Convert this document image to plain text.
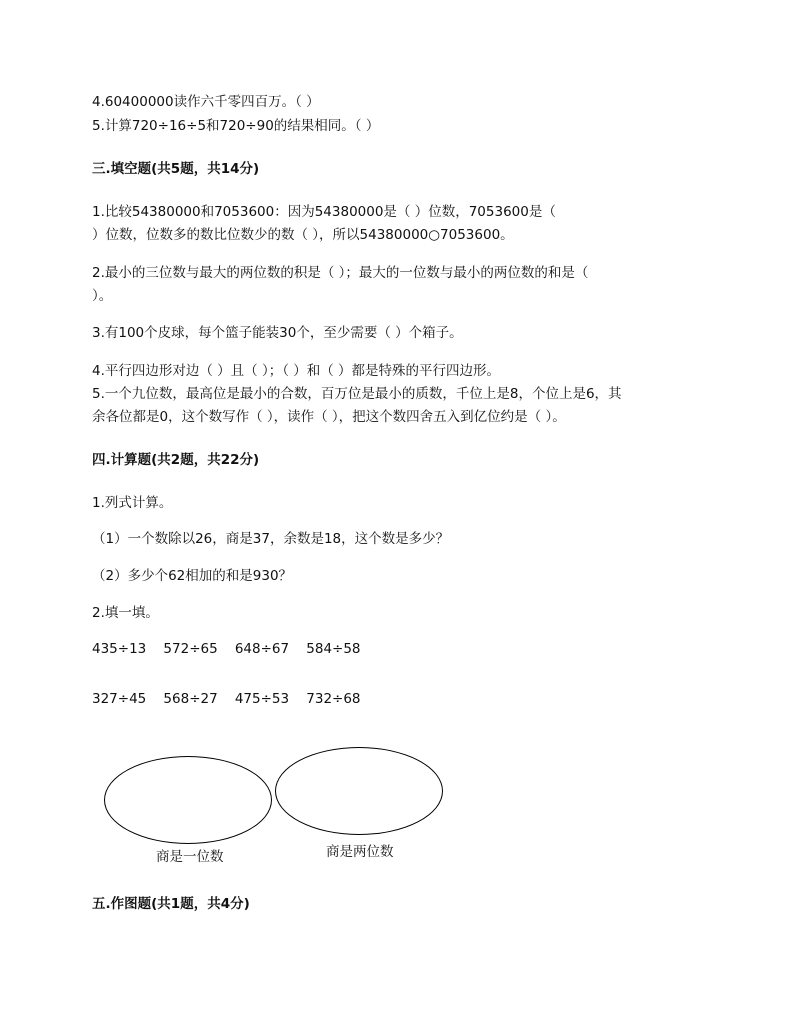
4.60400000读作六千零四百万。（ ）
5.计算720÷16÷5和720÷90的结果相同。（ ）
三.填空题(共5题，共14分)
1.比较54380000和7053600：因为54380000是（ ）位数，7053600是（
）位数，位数多的数比位数少的数（ ），所以54380000○7053600。
2.最小的三位数与最大的两位数的积是（ ）；最大的一位数与最小的两位数的和是（
）。
3.有100个皮球，每个篮子能装30个，至少需要（ ）个箱子。
4.平行四边形对边（ ）且（ ）；（ ）和（ ）都是特殊的平行四边形。
5.一个九位数，最高位是最小的合数，百万位是最小的质数，千位上是8，个位上是6，其
余各位都是0，这个数写作（ ），读作（ ），把这个数四舍五入到亿位约是（ ）。
四.计算题(共2题，共22分)
1.列式计算。
（1）一个数除以26，商是37，余数是18，这个数是多少？
（2）多少个62相加的和是930？
2.填一填。
435÷13    572÷65    648÷67    584÷58
327÷45    568÷27    475÷53    732÷68
商是一位数	商是两位数
五.作图题(共1题，共4分)
